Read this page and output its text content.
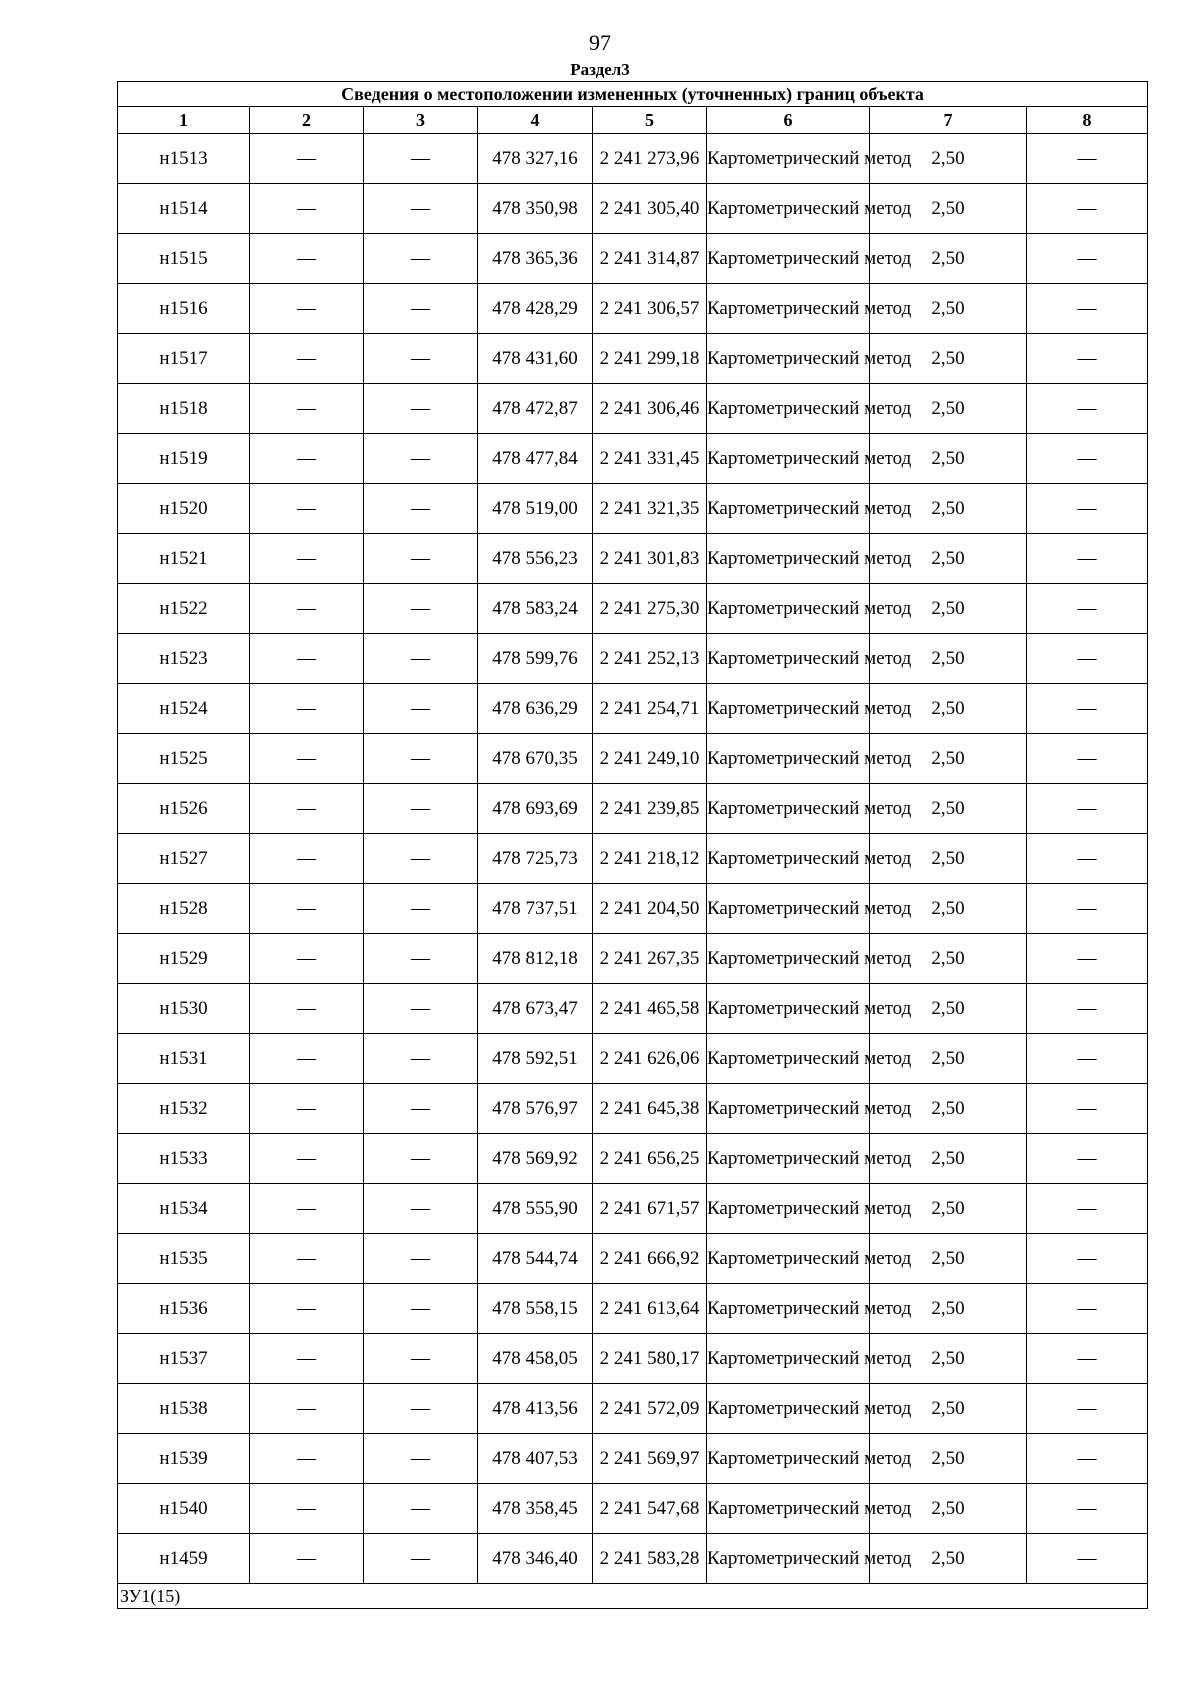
97
Раздел3
Сведения о местоположении измененных (уточненных) границ объекта							
1	2	3	4	5	6	7	8
н1513	—	—	478 327,16	2 241 273,96	Картометрический метод	2,50	—
н1514	—	—	478 350,98	2 241 305,40	Картометрический метод	2,50	—
н1515	—	—	478 365,36	2 241 314,87	Картометрический метод	2,50	—
н1516	—	—	478 428,29	2 241 306,57	Картометрический метод	2,50	—
н1517	—	—	478 431,60	2 241 299,18	Картометрический метод	2,50	—
н1518	—	—	478 472,87	2 241 306,46	Картометрический метод	2,50	—
н1519	—	—	478 477,84	2 241 331,45	Картометрический метод	2,50	—
н1520	—	—	478 519,00	2 241 321,35	Картометрический метод	2,50	—
н1521	—	—	478 556,23	2 241 301,83	Картометрический метод	2,50	—
н1522	—	—	478 583,24	2 241 275,30	Картометрический метод	2,50	—
н1523	—	—	478 599,76	2 241 252,13	Картометрический метод	2,50	—
н1524	—	—	478 636,29	2 241 254,71	Картометрический метод	2,50	—
н1525	—	—	478 670,35	2 241 249,10	Картометрический метод	2,50	—
н1526	—	—	478 693,69	2 241 239,85	Картометрический метод	2,50	—
н1527	—	—	478 725,73	2 241 218,12	Картометрический метод	2,50	—
н1528	—	—	478 737,51	2 241 204,50	Картометрический метод	2,50	—
н1529	—	—	478 812,18	2 241 267,35	Картометрический метод	2,50	—
н1530	—	—	478 673,47	2 241 465,58	Картометрический метод	2,50	—
н1531	—	—	478 592,51	2 241 626,06	Картометрический метод	2,50	—
н1532	—	—	478 576,97	2 241 645,38	Картометрический метод	2,50	—
н1533	—	—	478 569,92	2 241 656,25	Картометрический метод	2,50	—
н1534	—	—	478 555,90	2 241 671,57	Картометрический метод	2,50	—
н1535	—	—	478 544,74	2 241 666,92	Картометрический метод	2,50	—
н1536	—	—	478 558,15	2 241 613,64	Картометрический метод	2,50	—
н1537	—	—	478 458,05	2 241 580,17	Картометрический метод	2,50	—
н1538	—	—	478 413,56	2 241 572,09	Картометрический метод	2,50	—
н1539	—	—	478 407,53	2 241 569,97	Картометрический метод	2,50	—
н1540	—	—	478 358,45	2 241 547,68	Картометрический метод	2,50	—
н1459	—	—	478 346,40	2 241 583,28	Картометрический метод	2,50	—
ЗУ1(15)							
